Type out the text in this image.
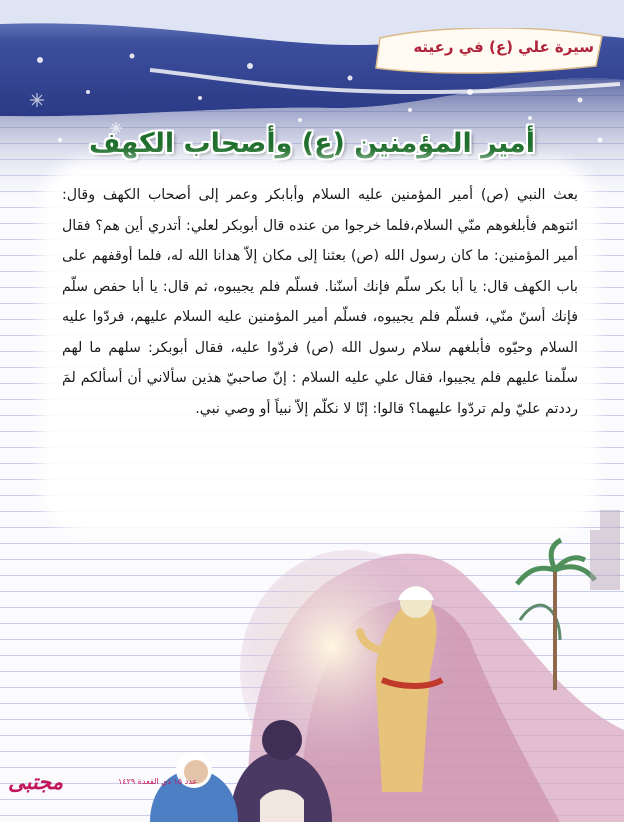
سيرة علي (ع) في رعيته
أمير المؤمنين (ع) وأصحاب الكهف

بعث النبي (ص) أمير المؤمنين عليه السلام وأبابكر وعمر إلى أصحاب الكهف وقال: ائتوهم فأبلغوهم منّي السلام،فلما خرجوا من عنده قال أبوبكر لعلي: أتدري أين هم؟ فقال أمير المؤمنين: ما كان رسول الله (ص) بعثنا إلى مكان إلاّ هدانا الله له، فلما أوقفهم على باب الكهف قال: يا أبا بكر سلّم فإنك أسنّنا. فسلّم فلم يجيبوه، ثم قال: يا أبا حفص سلّم فإنك أسنّ منّي، فسلّم فلم يجيبوه، فسلّم أمير المؤمنين عليه السلام عليهم، فردّوا عليه السلام وحيّوه فأبلغهم سلام رسول الله (ص) فردّوا عليه، فقال أبوبكر: سلهم ما لهم سلّمنا عليهم فلم يجيبوا، فقال علي عليه السلام : إنّ صاحبيّ هذين سألاني أن أسألكم لمَ رددتم عليّ ولم تردّوا عليهما؟ قالوا: إنّا لا نكلّم إلاّ نبياً أو وصي نبي.

مجتبى	عدد ١٥ ذي القعدة ١٤٢٩
